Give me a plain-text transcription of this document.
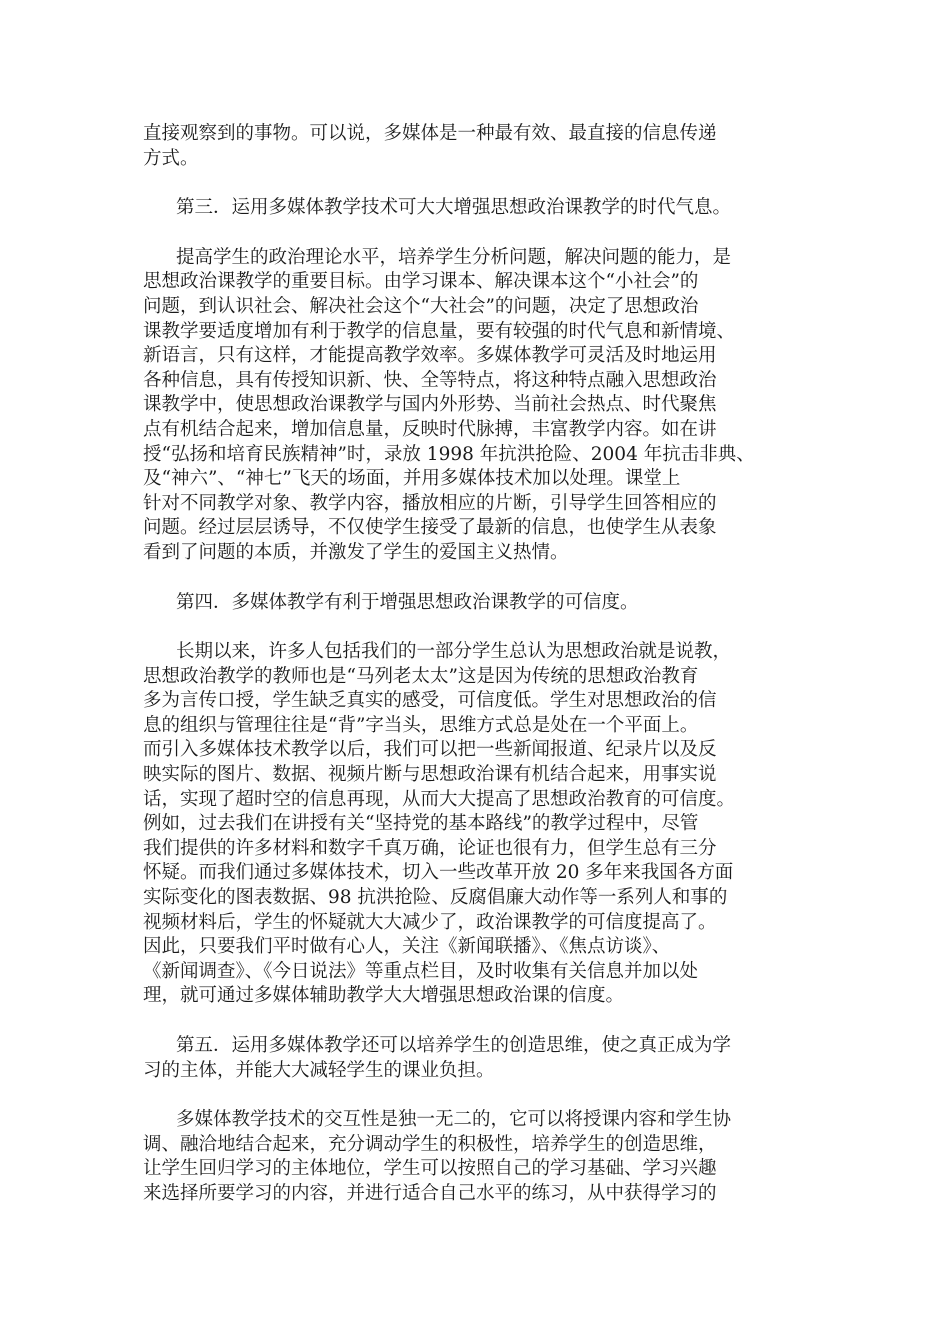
直接观察到的事物。可以说，多媒体是一种最有效、最直接的信息传递

方式。

第三．运用多媒体教学技术可大大增强思想政治课教学的时代气息。

提高学生的政治理论水平，培养学生分析问题，解决问题的能力，是

思想政治课教学的重要目标。由学习课本、解决课本这个“小社会”的

问题，到认识社会、解决社会这个“大社会”的问题，决定了思想政治

课教学要适度增加有利于教学的信息量，要有较强的时代气息和新情境、

新语言，只有这样，才能提高教学效率。多媒体教学可灵活及时地运用

各种信息，具有传授知识新、快、全等特点，将这种特点融入思想政治

课教学中，使思想政治课教学与国内外形势、当前社会热点、时代聚焦

点有机结合起来，增加信息量，反映时代脉搏，丰富教学内容。如在讲

授“弘扬和培育民族精神”时，录放 1998 年抗洪抢险、2004 年抗击非典、

及“神六”、“神七”飞天的场面，并用多媒体技术加以处理。课堂上

针对不同教学对象、教学内容，播放相应的片断，引导学生回答相应的

问题。经过层层诱导，不仅使学生接受了最新的信息，也使学生从表象

看到了问题的本质，并激发了学生的爱国主义热情。

第四．多媒体教学有利于增强思想政治课教学的可信度。

长期以来，许多人包括我们的一部分学生总认为思想政治就是说教，

思想政治教学的教师也是“马列老太太”这是因为传统的思想政治教育

多为言传口授，学生缺乏真实的感受，可信度低。学生对思想政治的信

息的组织与管理往往是“背”字当头，思维方式总是处在一个平面上。

而引入多媒体技术教学以后，我们可以把一些新闻报道、纪录片以及反

映实际的图片、数据、视频片断与思想政治课有机结合起来，用事实说

话，实现了超时空的信息再现，从而大大提高了思想政治教育的可信度。

例如，过去我们在讲授有关“坚持党的基本路线”的教学过程中，尽管

我们提供的许多材料和数字千真万确，论证也很有力，但学生总有三分

怀疑。而我们通过多媒体技术，切入一些改革开放 20 多年来我国各方面

实际变化的图表数据、98 抗洪抢险、反腐倡廉大动作等一系列人和事的

视频材料后，学生的怀疑就大大减少了，政治课教学的可信度提高了。

因此，只要我们平时做有心人，关注《新闻联播》、《焦点访谈》、

《新闻调查》、《今日说法》等重点栏目，及时收集有关信息并加以处

理，就可通过多媒体辅助教学大大增强思想政治课的信度。

第五．运用多媒体教学还可以培养学生的创造思维，使之真正成为学

习的主体，并能大大减轻学生的课业负担。

多媒体教学技术的交互性是独一无二的，它可以将授课内容和学生协

调、融洽地结合起来，充分调动学生的积极性，培养学生的创造思维，

让学生回归学习的主体地位，学生可以按照自己的学习基础、学习兴趣

来选择所要学习的内容，并进行适合自己水平的练习，从中获得学习的
